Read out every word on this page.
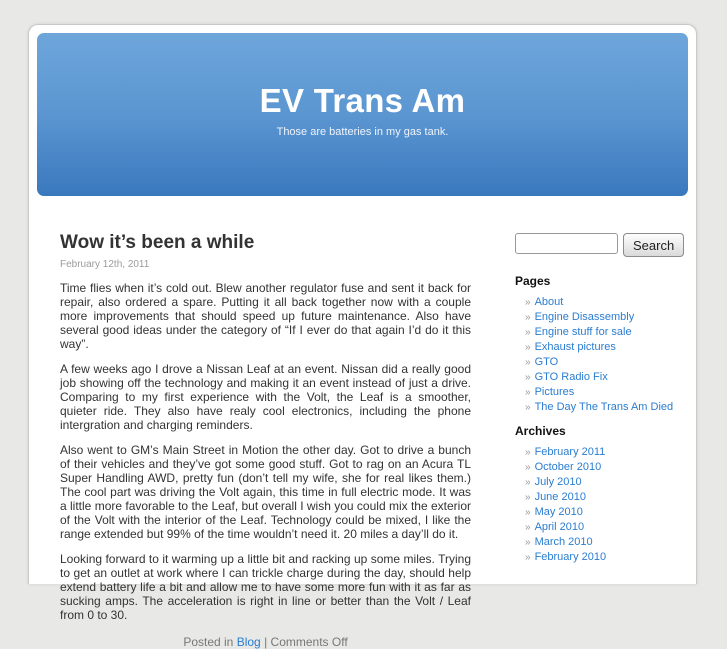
EV Trans Am
Those are batteries in my gas tank.
Wow it’s been a while
February 12th, 2011

Time flies when it’s cold out. Blew another regulator fuse and sent it back for repair, also ordered a spare. Putting it all back together now with a couple more improvements that should speed up future maintenance. Also have several good ideas under the category of “If I ever do that again I’d do it this way”.

A few weeks ago I drove a Nissan Leaf at an event. Nissan did a really good job showing off the technology and making it an event instead of just a drive. Comparing to my first experience with the Volt, the Leaf is a smoother, quieter ride. They also have realy cool electronics, including the phone intergration and charging reminders.

Also went to GM’s Main Street in Motion the other day. Got to drive a bunch of their vehicles and they’ve got some good stuff. Got to rag on an Acura TL Super Handling AWD, pretty fun (don’t tell my wife, she for real likes them.) The cool part was driving the Volt again, this time in full electric mode. It was a little more favorable to the Leaf, but overall I wish you could mix the exterior of the Volt with the interior of the Leaf. Technology could be mixed, I like the range extended but 99% of the time wouldn’t need it. 20 miles a day’ll do it.

Looking forward to it warming up a little bit and racking up some miles. Trying to get an outlet at work where I can trickle charge during the day, should help extend battery life a bit and allow me to have some more fun with it as far as sucking amps. The acceleration is right in line or better than the Volt / Leaf from 0 to 30.

Posted in Blog | Comments Off
Search
Pages
» About
» Engine Disassembly
» Engine stuff for sale
» Exhaust pictures
» GTO
» GTO Radio Fix
» Pictures
» The Day The Trans Am Died
Archives
» February 2011
» October 2010
» July 2010
» June 2010
» May 2010
» April 2010
» March 2010
» February 2010
